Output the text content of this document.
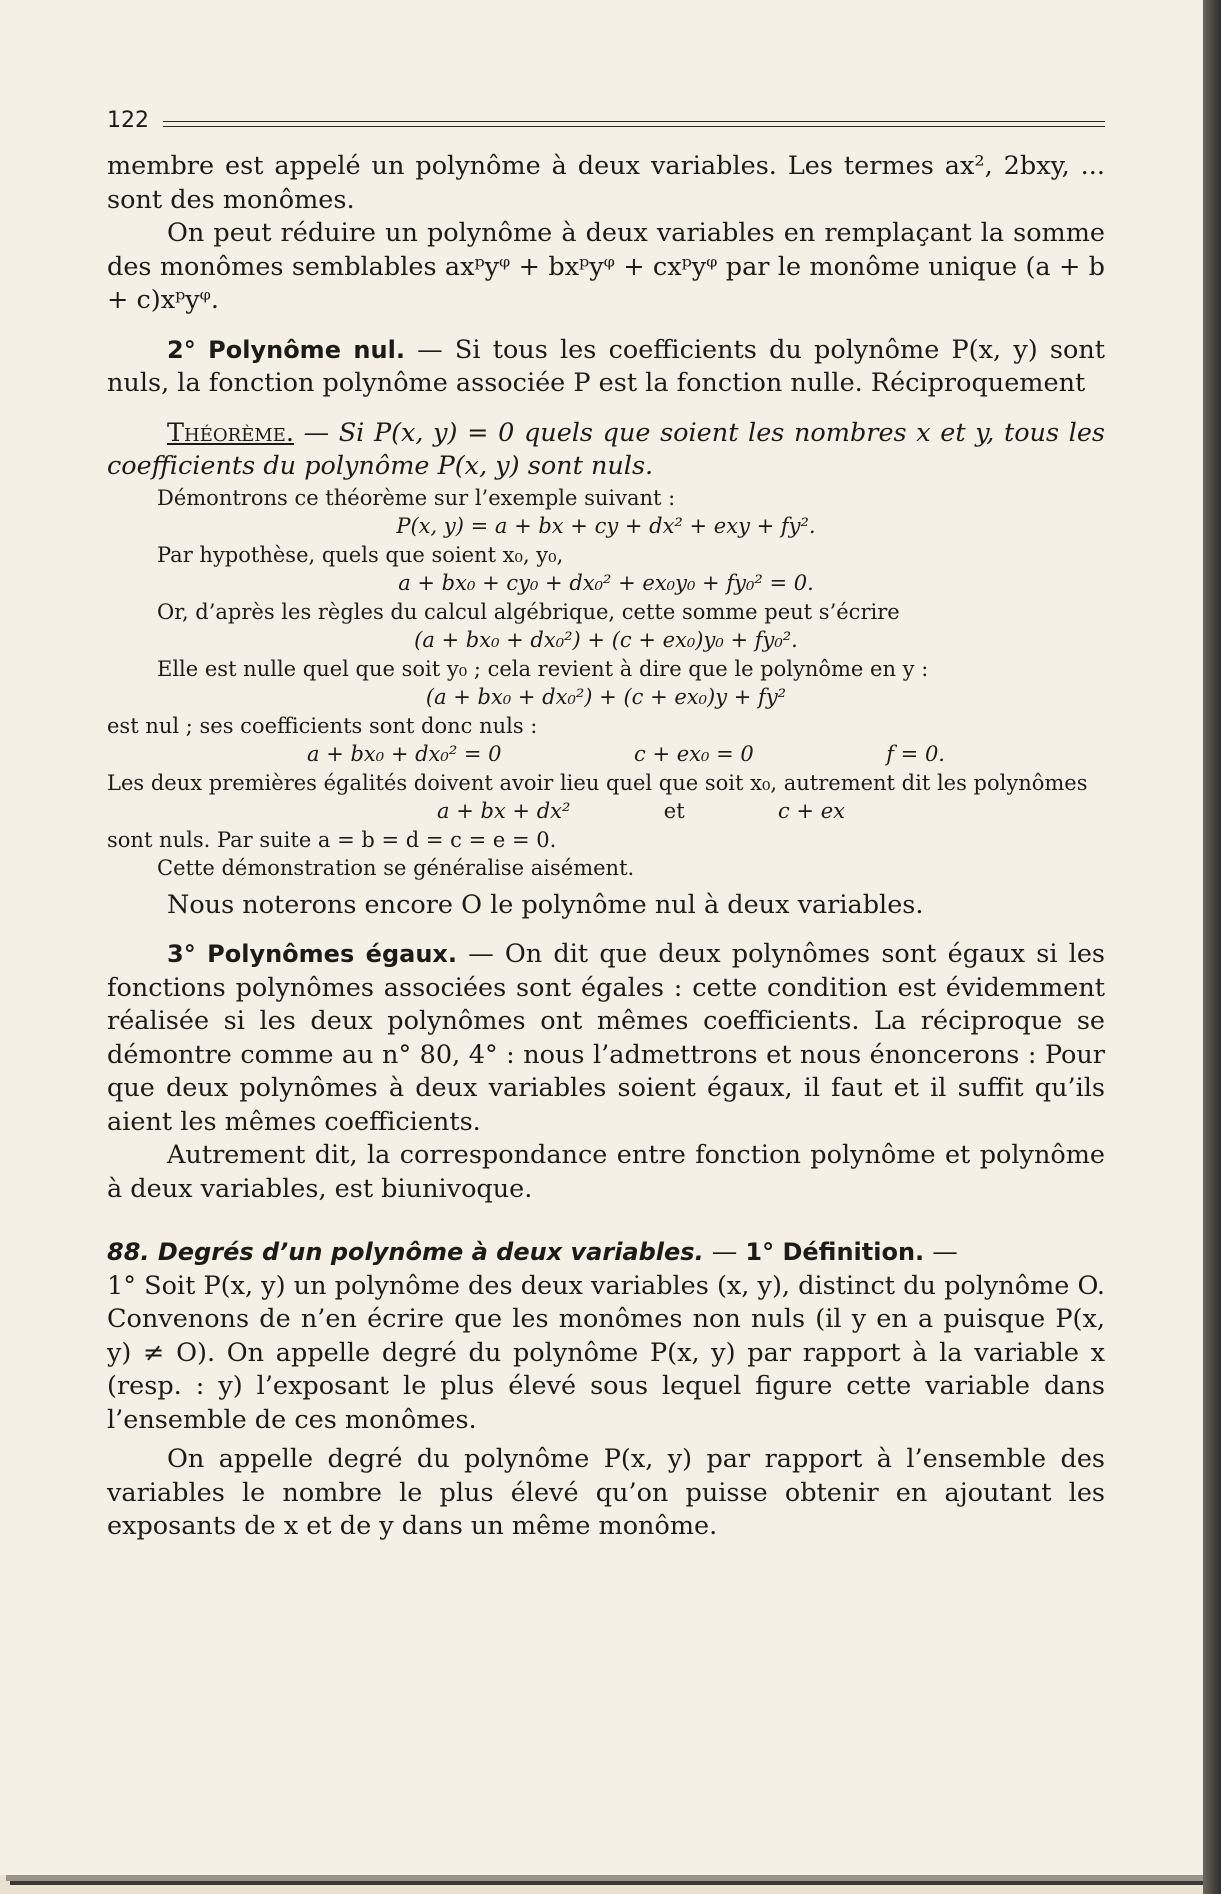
122

membre est appelé un polynôme à deux variables. Les termes ax², 2bxy, ... sont des monômes.

On peut réduire un polynôme à deux variables en remplaçant la somme des monômes semblables axᵖyᵠ + bxᵖyᵠ + cxᵖyᵠ par le monôme unique (a + b + c)xᵖyᵠ.

2° Polynôme nul. — Si tous les coefficients du polynôme P(x, y) sont nuls, la fonction polynôme associée P est la fonction nulle. Réciproquement

Théorème. — Si P(x, y) = 0 quels que soient les nombres x et y, tous les coefficients du polynôme P(x, y) sont nuls.

Démontrons ce théorème sur l’exemple suivant :

P(x, y) = a + bx + cy + dx² + exy + fy².

Par hypothèse, quels que soient x₀, y₀,

a + bx₀ + cy₀ + dx₀² + ex₀y₀ + fy₀² = 0.

Or, d’après les règles du calcul algébrique, cette somme peut s’écrire

(a + bx₀ + dx₀²) + (c + ex₀)y₀ + fy₀².

Elle est nulle quel que soit y₀ ; cela revient à dire que le polynôme en y :

(a + bx₀ + dx₀²) + (c + ex₀)y + fy²

est nul ; ses coefficients sont donc nuls :

a + bx₀ + dx₀² = 0	c + ex₀ = 0	f = 0.

Les deux premières égalités doivent avoir lieu quel que soit x₀, autrement dit les polynômes

a + bx + dx²	et	c + ex

sont nuls. Par suite a = b = d = c = e = 0.

Cette démonstration se généralise aisément.

Nous noterons encore O le polynôme nul à deux variables.

3° Polynômes égaux. — On dit que deux polynômes sont égaux si les fonctions polynômes associées sont égales : cette condition est évidemment réalisée si les deux polynômes ont mêmes coefficients. La réciproque se démontre comme au n° 80, 4° : nous l’admettrons et nous énoncerons : Pour que deux polynômes à deux variables soient égaux, il faut et il suffit qu’ils aient les mêmes coefficients.

Autrement dit, la correspondance entre fonction polynôme et polynôme à deux variables, est biunivoque.

88. Degrés d’un polynôme à deux variables. — 1° Définition. —

1° Soit P(x, y) un polynôme des deux variables (x, y), distinct du polynôme O. Convenons de n’en écrire que les monômes non nuls (il y en a puisque P(x, y) ≠ O). On appelle degré du polynôme P(x, y) par rapport à la variable x (resp. : y) l’exposant le plus élevé sous lequel figure cette variable dans l’ensemble de ces monômes.

On appelle degré du polynôme P(x, y) par rapport à l’ensemble des variables le nombre le plus élevé qu’on puisse obtenir en ajoutant les exposants de x et de y dans un même monôme.
